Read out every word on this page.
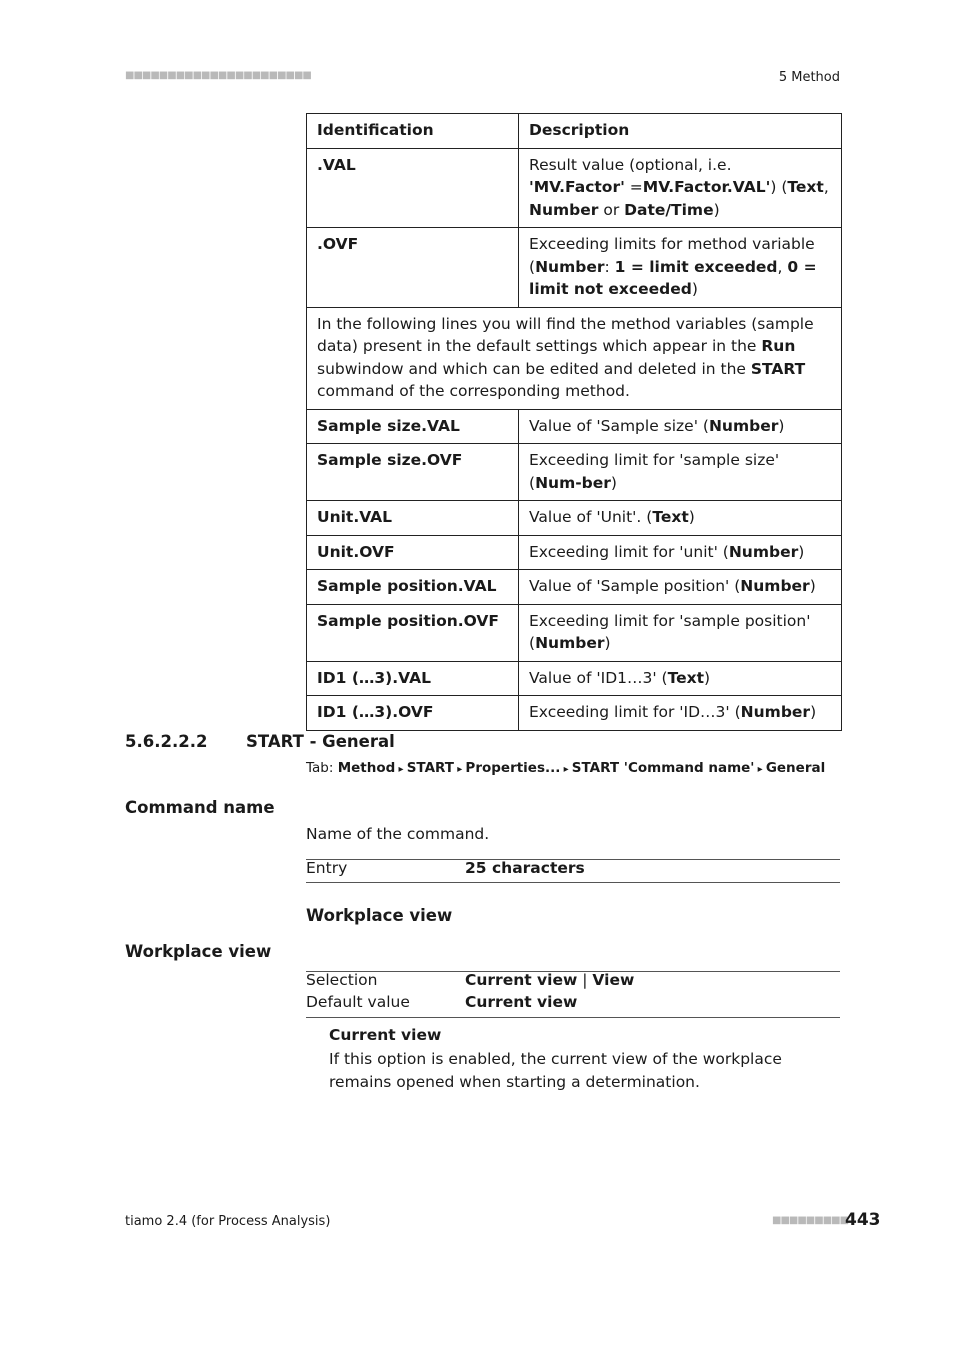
■■■■■■■■■■■■■■■■■■■■■■	5 Method
Identification	Description
.VAL	Result value (optional, i.e. 'MV.Factor' =MV.Factor.VAL') (Text, Number or Date/Time)
.OVF	Exceeding limits for method variable (Number: 1 = limit exceeded, 0 = limit not exceeded)
In the following lines you will find the method variables (sample data) present in the default settings which appear in the Run subwindow and which can be edited and deleted in the START command of the corresponding method.	
Sample size.VAL	Value of 'Sample size' (Number)
Sample size.OVF	Exceeding limit for 'sample size' (Num-ber)
Unit.VAL	Value of 'Unit'. (Text)
Unit.OVF	Exceeding limit for 'unit' (Number)
Sample position.VAL	Value of 'Sample position' (Number)
Sample position.OVF	Exceeding limit for 'sample position' (Number)
ID1 (…3).VAL	Value of 'ID1…3' (Text)
ID1 (…3).OVF	Exceeding limit for 'ID…3' (Number)
5.6.2.2.2 START - General
Tab: Method ▸ START ▸ Properties... ▸ START 'Command name' ▸ General
Command name
Name of the command.
Entry	25 characters
Workplace view
Workplace view
Selection	Current view | View
Default value	Current view
Current view
If this option is enabled, the current view of the workplace remains opened when starting a determination.
tiamo 2.4 (for Process Analysis)	■■■■■■■■■
443
